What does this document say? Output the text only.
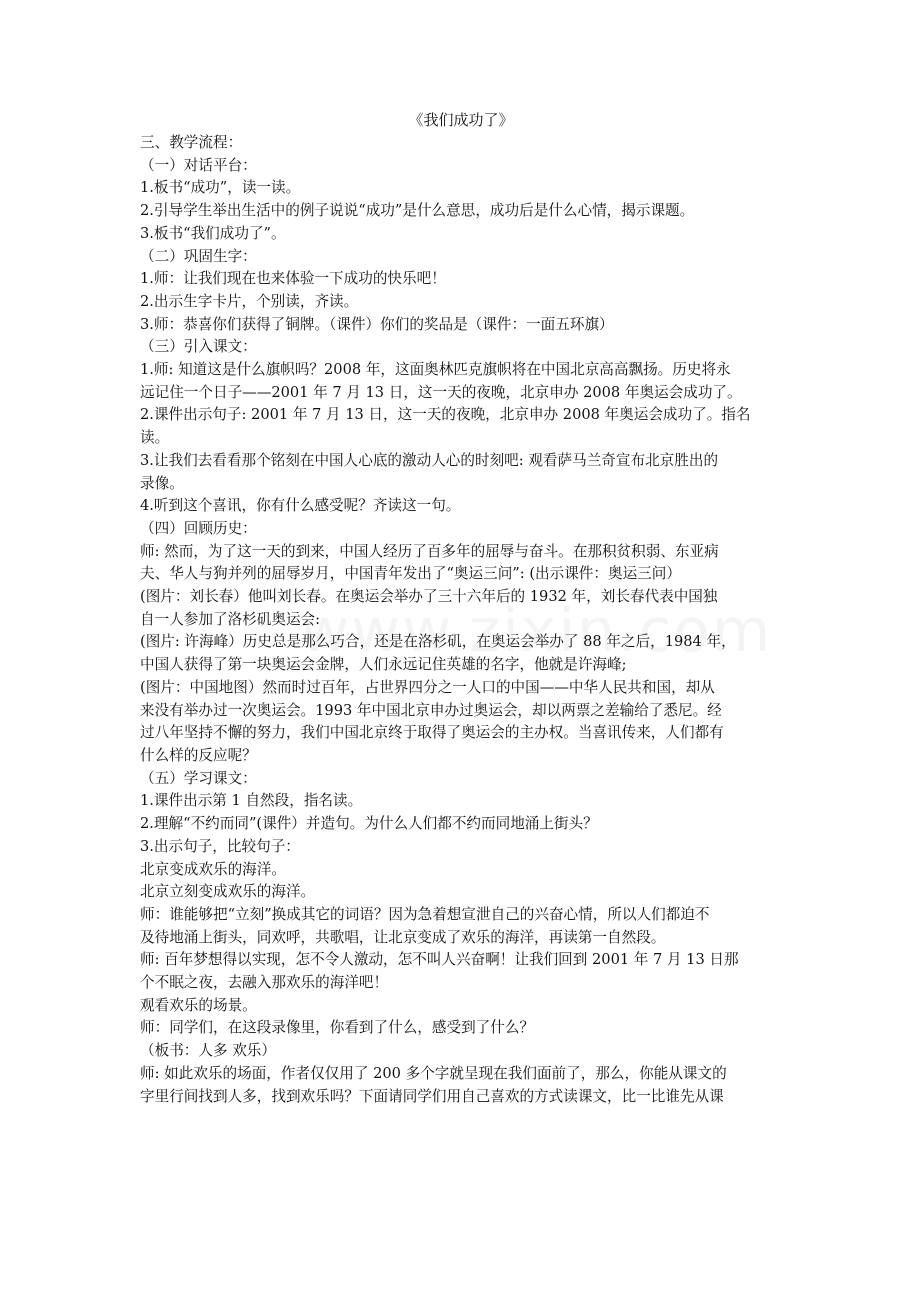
《我们成功了》

三、教学流程：

（一）对话平台：

1.板书“成功”，读一读。

2.引导学生举出生活中的例子说说“成功”是什么意思，成功后是什么心情，揭示课题。

3.板书“我们成功了”。

（二）巩固生字：

1.师：让我们现在也来体验一下成功的快乐吧！

2.出示生字卡片，个别读，齐读。

3.师：恭喜你们获得了铜牌。（课件）你们的奖品是（课件：一面五环旗）

（三）引入课文：

1.师: 知道这是什么旗帜吗？2008 年，这面奥林匹克旗帜将在中国北京高高飘扬。历史将永

远记住一个日子——2001 年 7 月 13 日，这一天的夜晚，北京申办 2008 年奥运会成功了。

2.课件出示句子: 2001 年 7 月 13 日，这一天的夜晚，北京申办 2008 年奥运会成功了。指名

读。

3.让我们去看看那个铭刻在中国人心底的激动人心的时刻吧: 观看萨马兰奇宣布北京胜出的

录像。

4.听到这个喜讯，你有什么感受呢？齐读这一句。

（四）回顾历史：

师: 然而，为了这一天的到来，中国人经历了百多年的屈辱与奋斗。在那积贫积弱、东亚病

夫、华人与狗并列的屈辱岁月，中国青年发出了“奥运三问”: (出示课件：奥运三问）

(图片：刘长春）他叫刘长春。在奥运会举办了三十六年后的 1932 年，刘长春代表中国独

自一人参加了洛杉矶奥运会:

(图片: 许海峰）历史总是那么巧合，还是在洛杉矶，在奥运会举办了 88 年之后，1984 年，

中国人获得了第一块奥运会金牌，人们永远记住英雄的名字，他就是许海峰;

(图片：中国地图）然而时过百年，占世界四分之一人口的中国——中华人民共和国，却从

来没有举办过一次奥运会。1993 年中国北京申办过奥运会，却以两票之差输给了悉尼。经

过八年坚持不懈的努力，我们中国北京终于取得了奥运会的主办权。当喜讯传来，人们都有

什么样的反应呢？

（五）学习课文：

1.课件出示第 1 自然段，指名读。

2.理解“不约而同”(课件）并造句。为什么人们都不约而同地涌上街头？

3.出示句子，比较句子：

北京变成欢乐的海洋。

北京立刻变成欢乐的海洋。

师：谁能够把“立刻”换成其它的词语？因为急着想宣泄自己的兴奋心情，所以人们都迫不

及待地涌上街头，同欢呼，共歌唱，让北京变成了欢乐的海洋，再读第一自然段。

师: 百年梦想得以实现，怎不令人激动，怎不叫人兴奋啊！让我们回到 2001 年 7 月 13 日那

个不眠之夜，去融入那欢乐的海洋吧！

观看欢乐的场景。

师：同学们，在这段录像里，你看到了什么，感受到了什么？

（板书：人多 欢乐）

师: 如此欢乐的场面，作者仅仅用了 200 多个字就呈现在我们面前了，那么，你能从课文的

字里行间找到人多，找到欢乐吗？下面请同学们用自己喜欢的方式读课文，比一比谁先从课
